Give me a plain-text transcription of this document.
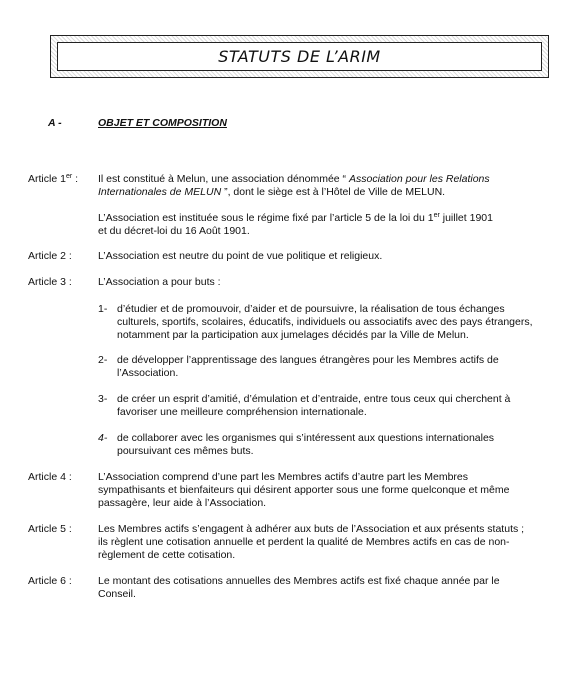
STATUTS DE L’ARIM
A -	OBJET ET COMPOSITION
Article 1er : Il est constitué à Melun, une association dénommée “ Association pour les Relations
Internationales de MELUN ”, dont le siège est à l’Hôtel de Ville de MELUN.
L’Association est instituée sous le régime fixé par l’article 5 de la loi du 1er juillet 1901
et du décret-loi du 16 Août 1901.
Article 2 : L’Association est neutre du point de vue politique et religieux.
Article 3 : L’Association a pour buts :
1- d’étudier et de promouvoir, d’aider et de poursuivre, la réalisation de tous échanges
culturels, sportifs, scolaires, éducatifs, individuels ou associatifs avec des pays étrangers,
notamment par la participation aux jumelages décidés par la Ville de Melun.
2- de développer l’apprentissage des langues étrangères pour les Membres actifs de
l’Association.
3- de créer un esprit d’amitié, d’émulation et d’entraide, entre tous ceux qui cherchent à
favoriser une meilleure compréhension internationale.
4- de collaborer avec les organismes qui s’intéressent aux questions internationales
poursuivant ces mêmes buts.
Article 4 : L’Association comprend d’une part les Membres actifs d’autre part les Membres
sympathisants et bienfaiteurs qui désirent apporter sous une forme quelconque et même
passagère, leur aide à l’Association.
Article 5 : Les Membres actifs s’engagent à adhérer aux buts de l’Association et aux présents statuts ;
ils règlent une cotisation annuelle et perdent la qualité de Membres actifs en cas de non-
règlement de cette cotisation.
Article 6 : Le montant des cotisations annuelles des Membres actifs est fixé chaque année par le
Conseil.
